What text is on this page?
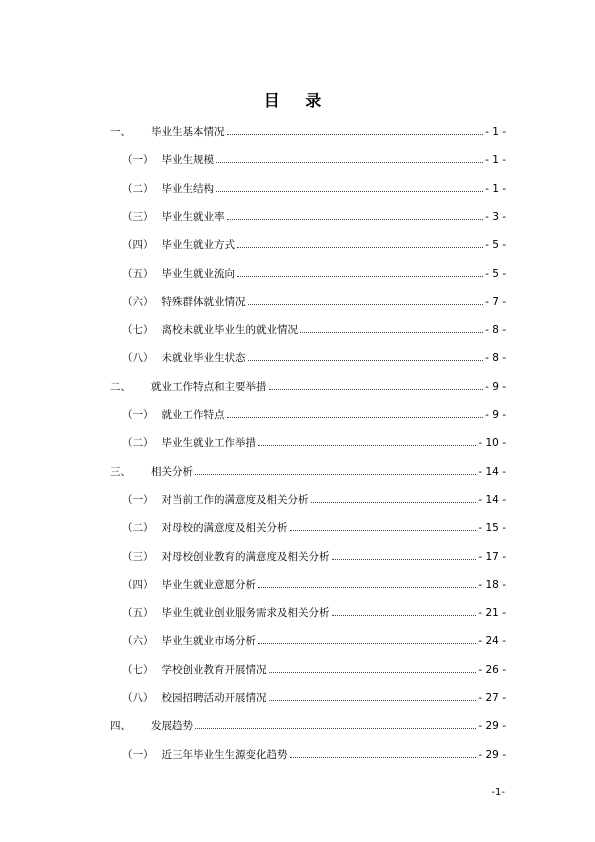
目 录
一、 毕业生基本情况	- 1 -
（一） 毕业生规模	- 1 -
（二） 毕业生结构	- 1 -
（三） 毕业生就业率	- 3 -
（四） 毕业生就业方式	- 5 -
（五） 毕业生就业流向	- 5 -
（六） 特殊群体就业情况	- 7 -
（七） 离校未就业毕业生的就业情况	- 8 -
（八） 未就业毕业生状态	- 8 -
二、 就业工作特点和主要举措	- 9 -
（一） 就业工作特点	- 9 -
（二） 毕业生就业工作举措	- 10 -
三、 相关分析	- 14 -
（一） 对当前工作的满意度及相关分析	- 14 -
（二） 对母校的满意度及相关分析	- 15 -
（三） 对母校创业教育的满意度及相关分析	- 17 -
（四） 毕业生就业意愿分析	- 18 -
（五） 毕业生就业创业服务需求及相关分析	- 21 -
（六） 毕业生就业市场分析	- 24 -
（七） 学校创业教育开展情况	- 26 -
（八） 校园招聘活动开展情况	- 27 -
四、 发展趋势	- 29 -
（一） 近三年毕业生生源变化趋势	- 29 -
-1-
